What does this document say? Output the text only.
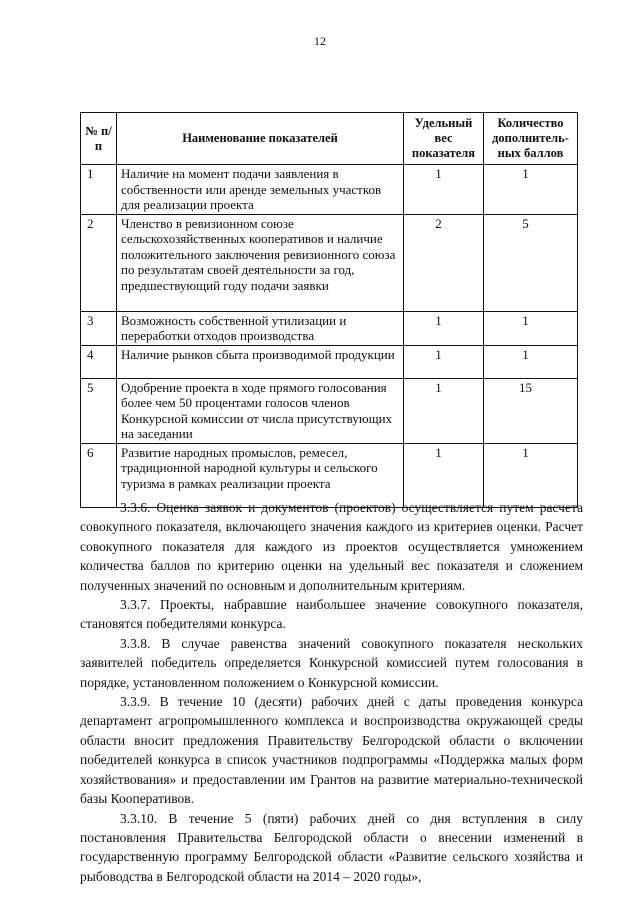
12
№ п/п	Наименование показателей	Удельный вес показателя	Количество дополнитель-ных баллов
1	Наличие на момент подачи заявления в собственности или аренде земельных участков для реализации проекта	1	1
2	Членство в ревизионном союзе сельскохозяйственных кооперативов и наличие положительного заключения ревизионного союза по результатам своей деятельности за год, предшествующий году подачи заявки	2	5
3	Возможность собственной утилизации и переработки отходов производства	1	1
4	Наличие рынков сбыта производимой продукции	1	1
5	Одобрение проекта в ходе прямого голосования более чем 50 процентами голосов членов Конкурсной комиссии от числа присутствующих на заседании	1	15
6	Развитие народных промыслов, ремесел, традиционной народной культуры и сельского туризма в рамках реализации проекта	1	1

3.3.6. Оценка заявок и документов (проектов) осуществляется путем расчета совокупного показателя, включающего значения каждого из критериев оценки. Расчет совокупного показателя для каждого из проектов осуществляется умножением количества баллов по критерию оценки на удельный вес показателя и сложением полученных значений по основным и дополнительным критериям.

3.3.7. Проекты, набравшие наибольшее значение совокупного показателя, становятся победителями конкурса.

3.3.8. В случае равенства значений совокупного показателя нескольких заявителей победитель определяется Конкурсной комиссией путем голосования в порядке, установленном положением о Конкурсной комиссии.

3.3.9. В течение 10 (десяти) рабочих дней с даты проведения конкурса департамент агропромышленного комплекса и воспроизводства окружающей среды области вносит предложения Правительству Белгородской области о включении победителей конкурса в список участников подпрограммы «Поддержка малых форм хозяйствования» и предоставлении им Грантов на развитие материально-технической базы Кооперативов.

3.3.10. В течение 5 (пяти) рабочих дней со дня вступления в силу постановления Правительства Белгородской области о внесении изменений в государственную программу Белгородской области «Развитие сельского хозяйства и рыбоводства в Белгородской области на 2014 – 2020 годы»,
